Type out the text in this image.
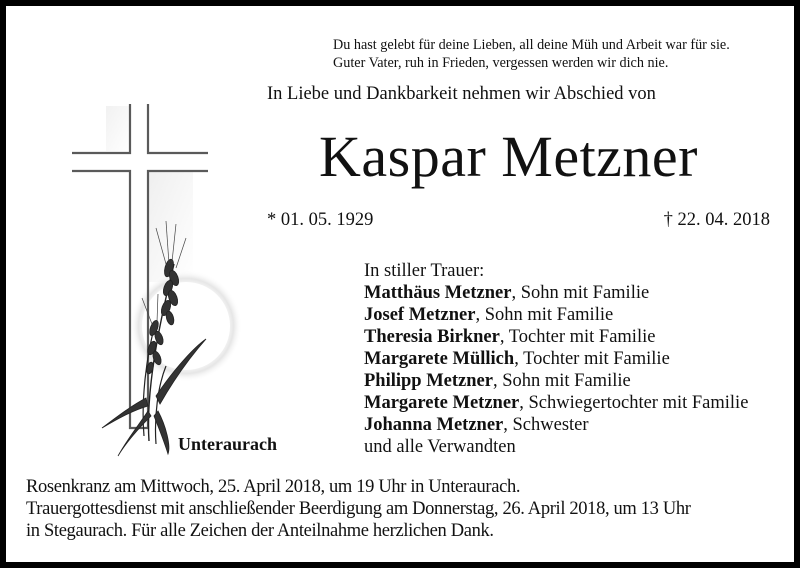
Du hast gelebt für deine Lieben, all deine Müh und Arbeit war für sie.
Guter Vater, ruh in Frieden, vergessen werden wir dich nie.
In Liebe und Dankbarkeit nehmen wir Abschied von
Kaspar Metzner
* 01. 05. 1929	† 22. 04. 2018
In stiller Trauer:
Matthäus Metzner, Sohn mit Familie
Josef Metzner, Sohn mit Familie
Theresia Birkner, Tochter mit Familie
Margarete Müllich, Tochter mit Familie
Philipp Metzner, Sohn mit Familie
Margarete Metzner, Schwiegertochter mit Familie
Johanna Metzner, Schwester
und alle Verwandten
Unteraurach
Rosenkranz am Mittwoch, 25. April 2018, um 19 Uhr in Unteraurach.
Trauergottesdienst mit anschließender Beerdigung am Donnerstag, 26. April 2018, um 13 Uhr
in Stegaurach. Für alle Zeichen der Anteilnahme herzlichen Dank.
